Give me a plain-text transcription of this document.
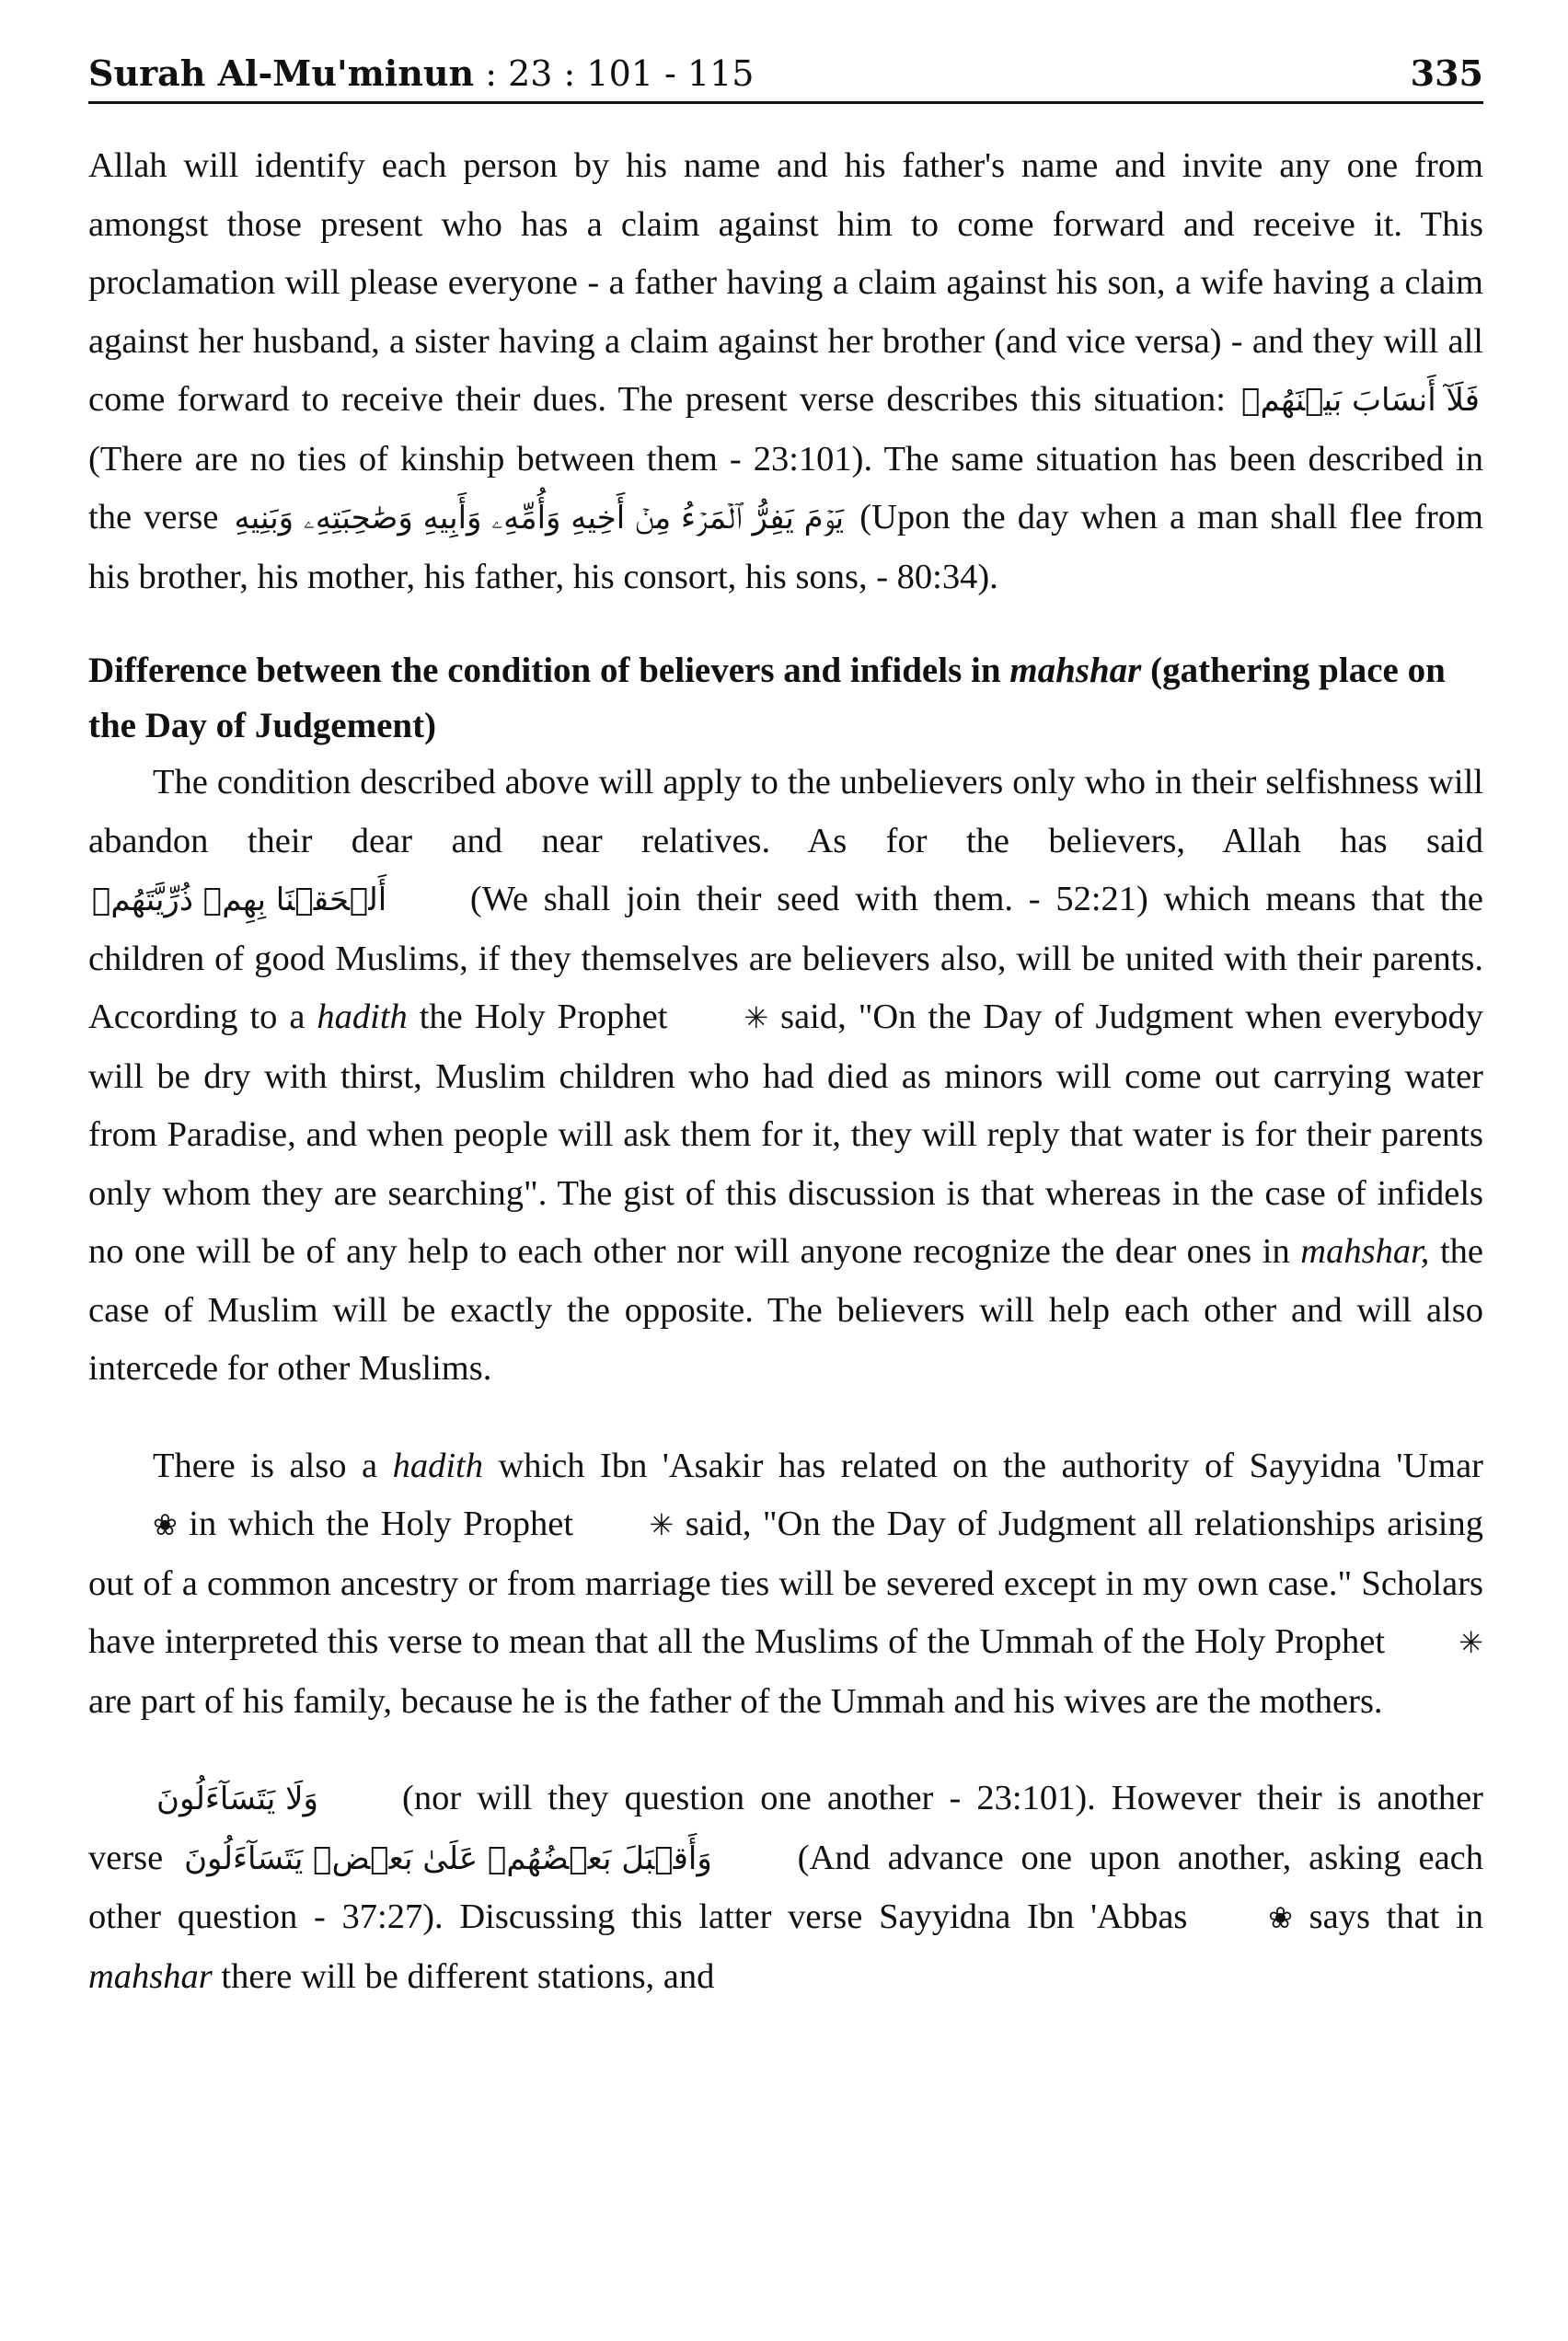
Surah Al-Mu'minun : 23 : 101 - 115	335

Allah will identify each person by his name and his father's name and invite any one from amongst those present who has a claim against him to come forward and receive it. This proclamation will please everyone - a father having a claim against his son, a wife having a claim against her husband, a sister having a claim against her brother (and vice versa) - and they will all come forward to receive their dues. The present verse describes this situation: فَلَآ أَنسَابَ بَيۡنَهُمۡ (There are no ties of kinship between them - 23:101). The same situation has been described in the verse يَوۡمَ يَفِرُّ ٱلۡمَرۡءُ مِنۡ أَخِيهِ وَأُمِّهِۦ وَأَبِيهِ وَصَٰحِبَتِهِۦ وَبَنِيهِ (Upon the day when a man shall flee from his brother, his mother, his father, his consort, his sons, - 80:34).

Difference between the condition of believers and infidels in mahshar (gathering place on the Day of Judgement)

The condition described above will apply to the unbelievers only who in their selfishness will abandon their dear and near relatives. As for the believers, Allah has said أَلۡحَقۡنَا بِهِمۡ ذُرِّيَّتَهُمۡ (We shall join their seed with them. - 52:21) which means that the children of good Muslims, if they themselves are believers also, will be united with their parents. According to a hadith the Holy Prophet ✳ said, "On the Day of Judgment when everybody will be dry with thirst, Muslim children who had died as minors will come out carrying water from Paradise, and when people will ask them for it, they will reply that water is for their parents only whom they are searching". The gist of this discussion is that whereas in the case of infidels no one will be of any help to each other nor will anyone recognize the dear ones in mahshar, the case of Muslim will be exactly the opposite. The believers will help each other and will also intercede for other Muslims.

There is also a hadith which Ibn 'Asakir has related on the authority of Sayyidna 'Umar ❀ in which the Holy Prophet ✳ said, "On the Day of Judgment all relationships arising out of a common ancestry or from marriage ties will be severed except in my own case." Scholars have interpreted this verse to mean that all the Muslims of the Ummah of the Holy Prophet ✳ are part of his family, because he is the father of the Ummah and his wives are the mothers.

وَلَا يَتَسَآءَلُونَ (nor will they question one another - 23:101). However their is another verse وَأَقۡبَلَ بَعۡضُهُمۡ عَلَىٰ بَعۡضٖ يَتَسَآءَلُونَ (And advance one upon another, asking each other question - 37:27). Discussing this latter verse Sayyidna Ibn 'Abbas ❀ says that in mahshar there will be different stations, and
